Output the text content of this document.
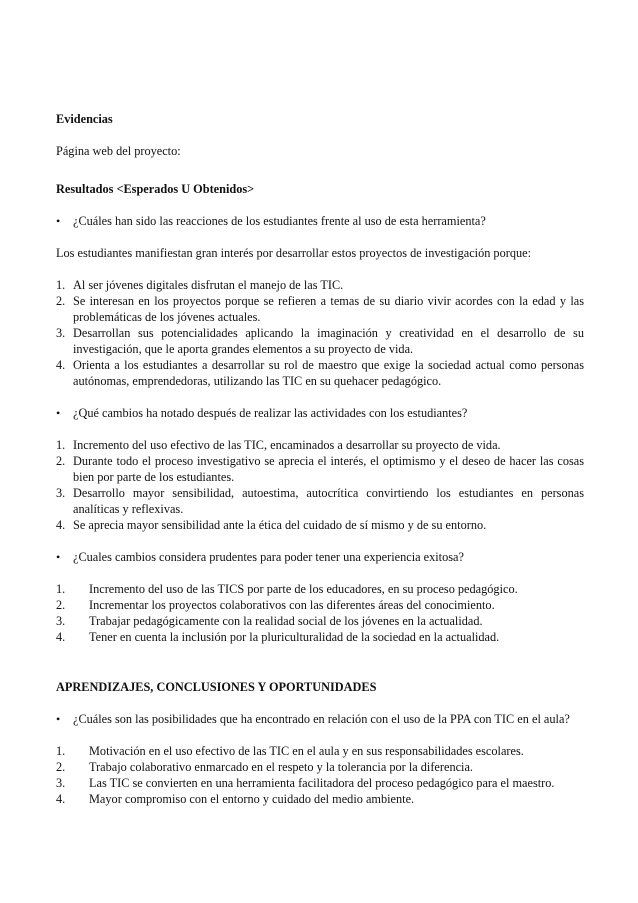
Evidencias

Página web del proyecto:

Resultados <Esperados U Obtenidos>

•	¿Cuáles han sido las reacciones de los estudiantes frente al uso de esta herramienta?

Los estudiantes manifiestan gran interés por desarrollar estos proyectos de investigación porque:

1. Al ser jóvenes digitales disfrutan el manejo de las TIC.
2. Se interesan en los proyectos porque se refieren a temas de su diario vivir acordes con la edad y las problemáticas de los jóvenes actuales.
3. Desarrollan sus potencialidades aplicando la imaginación y creatividad en el desarrollo de su investigación, que le aporta grandes elementos a su proyecto de vida.
4. Orienta a los estudiantes a desarrollar su rol de maestro que exige la sociedad actual como personas autónomas, emprendedoras, utilizando las TIC en su quehacer pedagógico.
•	¿Qué cambios ha notado después de realizar las actividades con los estudiantes?
1. Incremento del uso efectivo de las TIC, encaminados a desarrollar su proyecto de vida.
2. Durante todo el proceso investigativo se aprecia el interés, el optimismo y el deseo de hacer las cosas bien por parte de los estudiantes.
3. Desarrollo mayor sensibilidad, autoestima, autocrítica convirtiendo los estudiantes en personas analíticas y reflexivas.
4. Se aprecia mayor sensibilidad ante la ética del cuidado de sí mismo y de su entorno.
•	¿Cuales cambios considera prudentes para poder tener una experiencia exitosa?
1.	Incremento del uso de las TICS por parte de los educadores, en su proceso pedagógico.
2.	Incrementar los proyectos colaborativos con las diferentes áreas del conocimiento.
3.	Trabajar pedagógicamente con la realidad social de los jóvenes en la actualidad.
4.	Tener en cuenta la inclusión por la pluriculturalidad de la sociedad en la actualidad.

APRENDIZAJES, CONCLUSIONES Y OPORTUNIDADES

•	¿Cuáles son las posibilidades que ha encontrado en relación con el uso de la PPA con TIC en el aula?
1.	Motivación en el uso efectivo de las TIC en el aula y en sus responsabilidades escolares.
2.	Trabajo colaborativo enmarcado en el respeto y la tolerancia por la diferencia.
3.	Las TIC se convierten en una herramienta facilitadora del proceso pedagógico para el maestro.
4.	Mayor compromiso con el entorno y cuidado del medio ambiente.
